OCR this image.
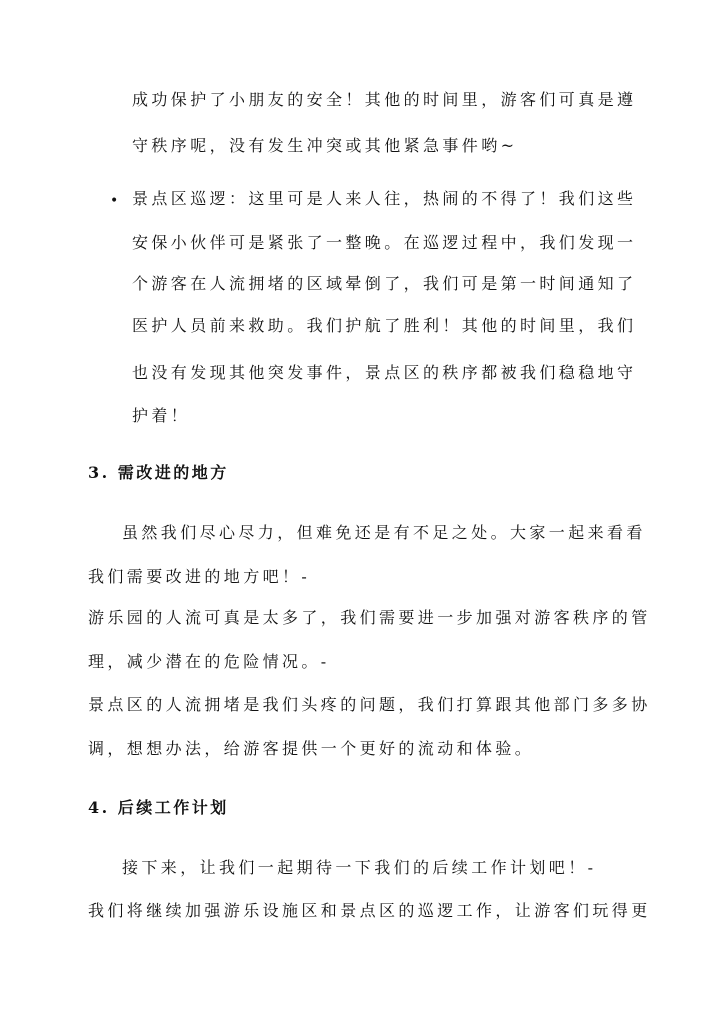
成功保护了小朋友的安全！其他的时间里，游客们可真是遵
守秩序呢，没有发生冲突或其他紧急事件哟~
• 景点区巡逻：这里可是人来人往，热闹的不得了！我们这些
安保小伙伴可是紧张了一整晚。在巡逻过程中，我们发现一
个游客在人流拥堵的区域晕倒了，我们可是第一时间通知了
医护人员前来救助。我们护航了胜利！其他的时间里，我们
也没有发现其他突发事件，景点区的秩序都被我们稳稳地守
护着！
3. 需改进的地方
虽然我们尽心尽力，但难免还是有不足之处。大家一起来看看
我们需要改进的地方吧！-
游乐园的人流可真是太多了，我们需要进一步加强对游客秩序的管
理，减少潜在的危险情况。-
景点区的人流拥堵是我们头疼的问题，我们打算跟其他部门多多协
调，想想办法，给游客提供一个更好的流动和体验。
4. 后续工作计划
接下来，让我们一起期待一下我们的后续工作计划吧！-
我们将继续加强游乐设施区和景点区的巡逻工作，让游客们玩得更
